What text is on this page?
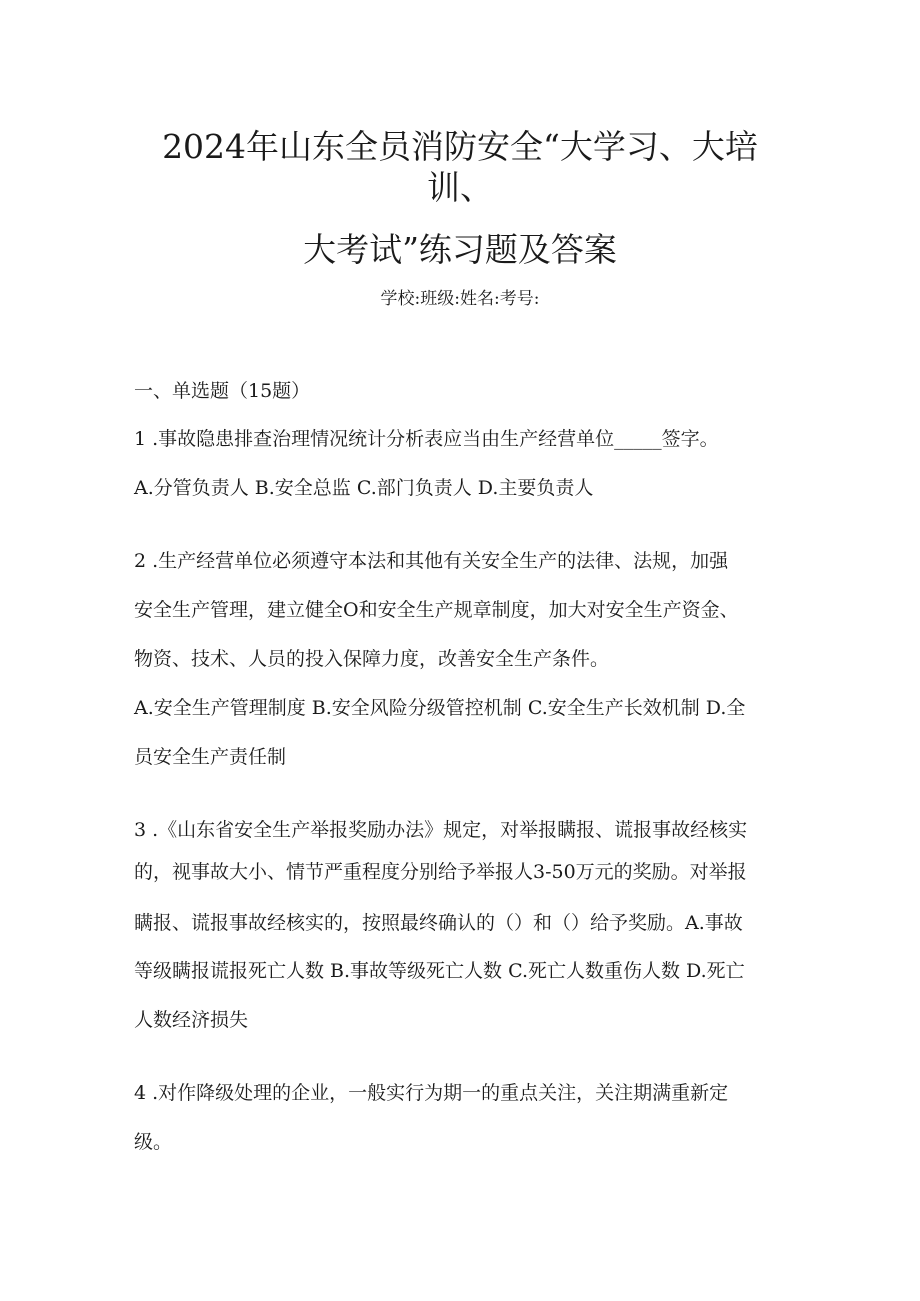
2024年山东全员消防安全“大学习、大培
训、
大考试”练习题及答案
学校:班级:姓名:考号:
一、单选题（15题）
1 .事故隐患排查治理情况统计分析表应当由生产经营单位_____签字。
A.分管负责人 B.安全总监 C.部门负责人 D.主要负责人
2 .生产经营单位必须遵守本法和其他有关安全生产的法律、法规，加强
安全生产管理，建立健全O和安全生产规章制度，加大对安全生产资金、
物资、技术、人员的投入保障力度，改善安全生产条件。
A.安全生产管理制度 B.安全风险分级管控机制 C.安全生产长效机制 D.全
员安全生产责任制
3 .《山东省安全生产举报奖励办法》规定，对举报瞒报、谎报事故经核实
的，视事故大小、情节严重程度分别给予举报人3-50万元的奖励。对举报
瞒报、谎报事故经核实的，按照最终确认的（）和（）给予奖励。A.事故
等级瞒报谎报死亡人数 B.事故等级死亡人数 C.死亡人数重伤人数 D.死亡
人数经济损失
4 .对作降级处理的企业，一般实行为期一的重点关注，关注期满重新定
级。
